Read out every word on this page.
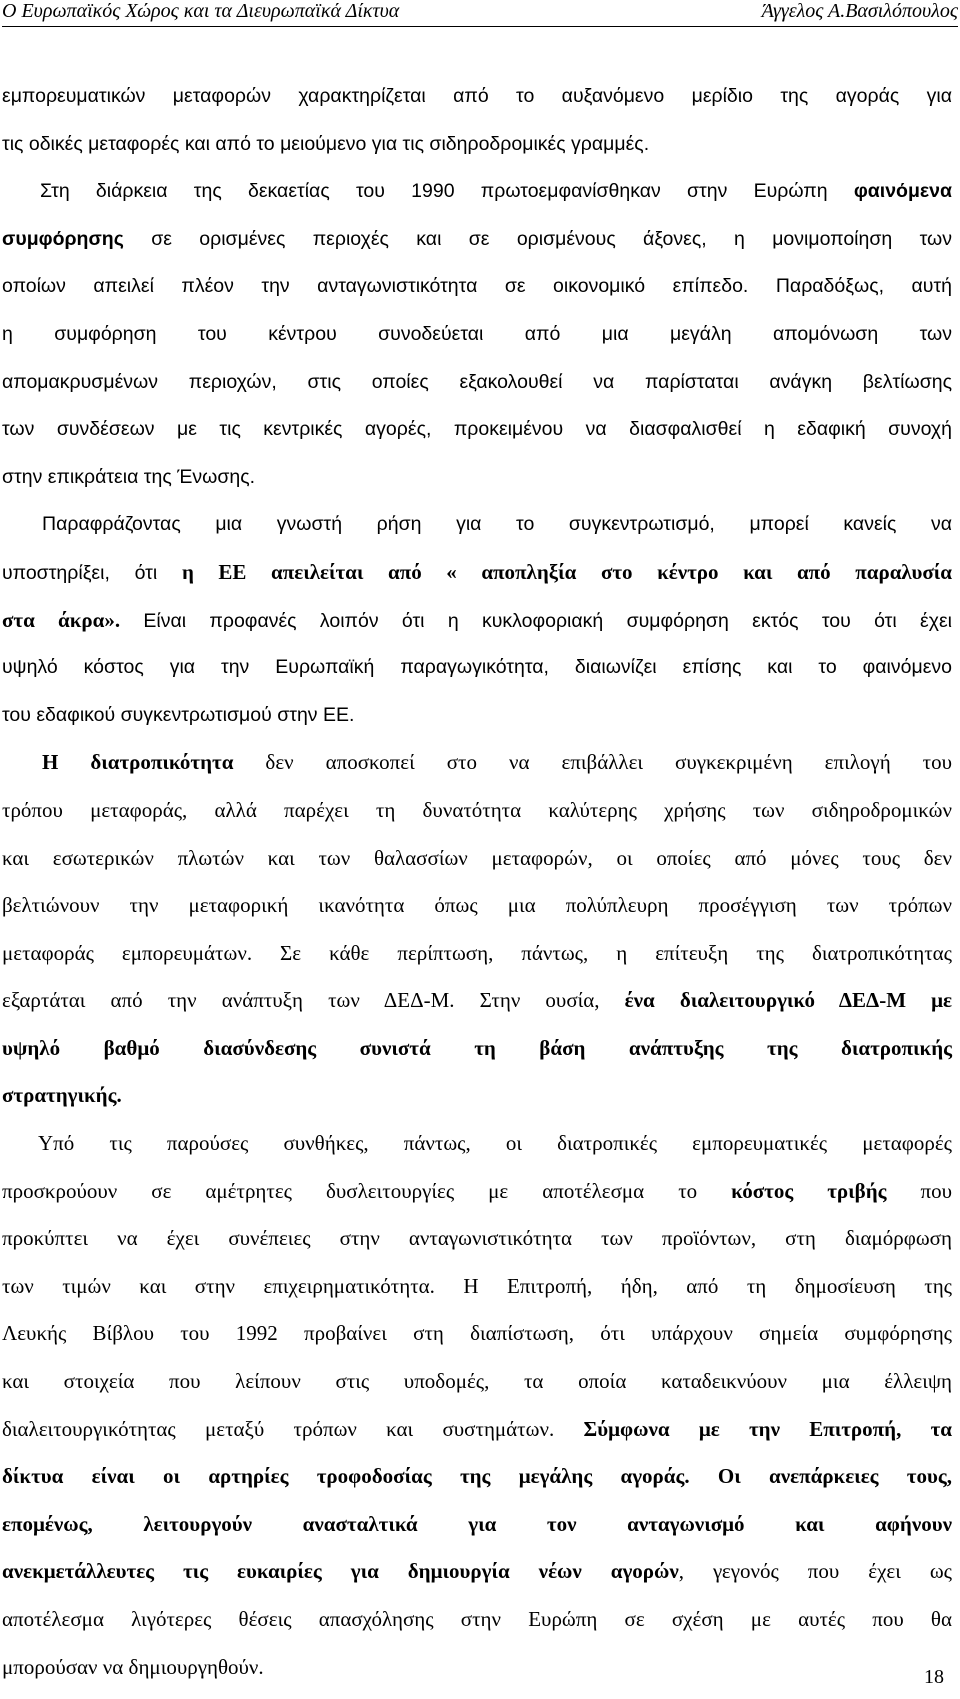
Ο Ευρωπαϊκός Χώρος και τα Διευρωπαϊκά Δίκτυα	Άγγελος Α.Βασιλόπουλος
εμπορευματικών μεταφορών χαρακτηρίζεται από το αυξανόμενο μερίδιο της αγοράς για
τις οδικές μεταφορές και από το μειούμενο για τις σιδηροδρομικές γραμμές.
Στη διάρκεια της δεκαετίας του 1990 πρωτοεμφανίσθηκαν στην Ευρώπη φαινόμενα
συμφόρησης σε ορισμένες περιοχές και σε ορισμένους άξονες, η μονιμοποίηση των
οποίων απειλεί πλέον την ανταγωνιστικότητα σε οικονομικό επίπεδο. Παραδόξως, αυτή
η συμφόρηση του κέντρου συνοδεύεται από μια μεγάλη απομόνωση των
απομακρυσμένων περιοχών, στις οποίες εξακολουθεί να παρίσταται ανάγκη βελτίωσης
των συνδέσεων με τις κεντρικές αγορές, προκειμένου να διασφαλισθεί η εδαφική συνοχή
στην επικράτεια της Ένωσης.
Παραφράζοντας μια γνωστή ρήση για το συγκεντρωτισμό, μπορεί κανείς να
υποστηρίξει, ότι η ΕΕ απειλείται από « αποπληξία στο κέντρο και από παραλυσία
στα άκρα». Είναι προφανές λοιπόν ότι η κυκλοφοριακή συμφόρηση εκτός του ότι έχει
υψηλό κόστος για την Ευρωπαϊκή παραγωγικότητα, διαιωνίζει επίσης και το φαινόμενο
του εδαφικού συγκεντρωτισμού στην ΕΕ.
Η διατροπικότητα δεν αποσκοπεί στο να επιβάλλει συγκεκριμένη επιλογή του
τρόπου μεταφοράς, αλλά παρέχει τη δυνατότητα καλύτερης χρήσης των σιδηροδρομικών
και εσωτερικών πλωτών και των θαλασσίων μεταφορών, οι οποίες από μόνες τους δεν
βελτιώνουν την μεταφορική ικανότητα όπως μια πολύπλευρη προσέγγιση των τρόπων
μεταφοράς εμπορευμάτων. Σε κάθε περίπτωση, πάντως, η επίτευξη της διατροπικότητας
εξαρτάται από την ανάπτυξη των ΔΕΔ-Μ. Στην ουσία, ένα διαλειτουργικό ΔΕΔ-Μ με
υψηλό βαθμό διασύνδεσης συνιστά τη βάση ανάπτυξης της διατροπικής
στρατηγικής.
Υπό τις παρούσες συνθήκες, πάντως, οι διατροπικές εμπορευματικές μεταφορές
προσκρούουν σε αμέτρητες δυσλειτουργίες με αποτέλεσμα το κόστος τριβής που
προκύπτει να έχει συνέπειες στην ανταγωνιστικότητα των προϊόντων, στη διαμόρφωση
των τιμών και στην επιχειρηματικότητα. Η Επιτροπή, ήδη, από τη δημοσίευση της
Λευκής Βίβλου του 1992 προβαίνει στη διαπίστωση, ότι υπάρχουν σημεία συμφόρησης
και στοιχεία που λείπουν στις υποδομές, τα οποία καταδεικνύουν μια έλλειψη
διαλειτουργικότητας μεταξύ τρόπων και συστημάτων. Σύμφωνα με την Επιτροπή, τα
δίκτυα είναι οι αρτηρίες τροφοδοσίας της μεγάλης αγοράς. Οι ανεπάρκειες τους,
επομένως, λειτουργούν ανασταλτικά για τον ανταγωνισμό και αφήνουν
ανεκμετάλλευτες τις ευκαιρίες για δημιουργία νέων αγορών, γεγονός που έχει ως
αποτέλεσμα λιγότερες θέσεις απασχόλησης στην Ευρώπη σε σχέση με αυτές που θα
μπορούσαν να δημιουργηθούν.	18
